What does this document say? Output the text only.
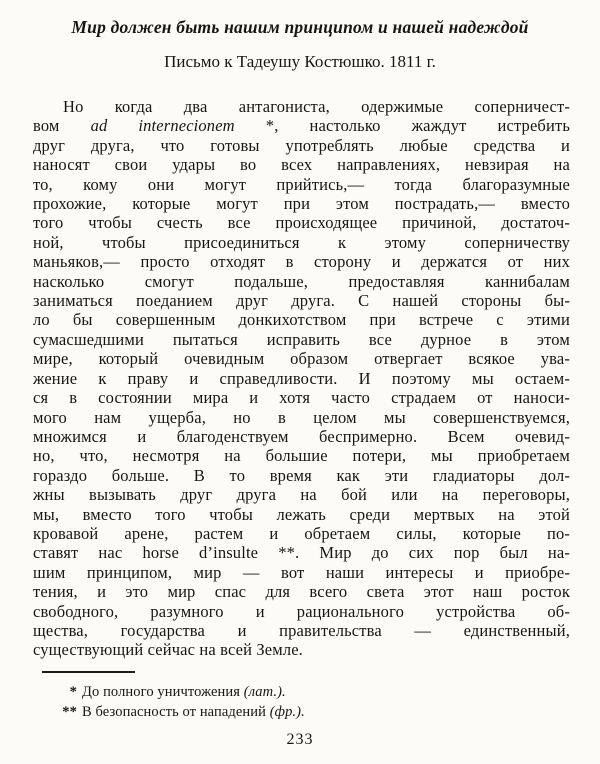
Мир должен быть нашим принципом и нашей надеждой
Письмо к Тадеушу Костюшко. 1811 г.
Но когда два антагониста, одержимые соперничест-
вом ad internecionem *, настолько жаждут истребить
друг друга, что готовы употреблять любые средства и
наносят свои удары во всех направлениях, невзирая на
то, кому они могут прийтись,— тогда благоразумные
прохожие, которые могут при этом пострадать,— вместо
того чтобы счесть все происходящее причиной, достаточ-
ной, чтобы присоединиться к этому соперничеству
маньяков,— просто отходят в сторону и держатся от них
насколько смогут подальше, предоставляя каннибалам
заниматься поеданием друг друга. С нашей стороны бы-
ло бы совершенным донкихотством при встрече с этими
сумасшедшими пытаться исправить все дурное в этом
мире, который очевидным образом отвергает всякое ува-
жение к праву и справедливости. И поэтому мы остаем-
ся в состоянии мира и хотя часто страдаем от наноси-
мого нам ущерба, но в целом мы совершенствуемся,
множимся и благоденствуем беспримерно. Всем очевид-
но, что, несмотря на большие потери, мы приобретаем
гораздо больше. В то время как эти гладиаторы дол-
жны вызывать друг друга на бой или на переговоры,
мы, вместо того чтобы лежать среди мертвых на этой
кровавой арене, растем и обретаем силы, которые по-
ставят нас horse d’insulte **. Мир до сих пор был на-
шим принципом, мир — вот наши интересы и приобре-
тения, и это мир спас для всего света этот наш росток
свободного, разумного и рационального устройства об-
щества, государства и правительства — единственный,
существующий сейчас на всей Земле.
* До полного уничтожения (лат.).
** В безопасность от нападений (фр.).
233
